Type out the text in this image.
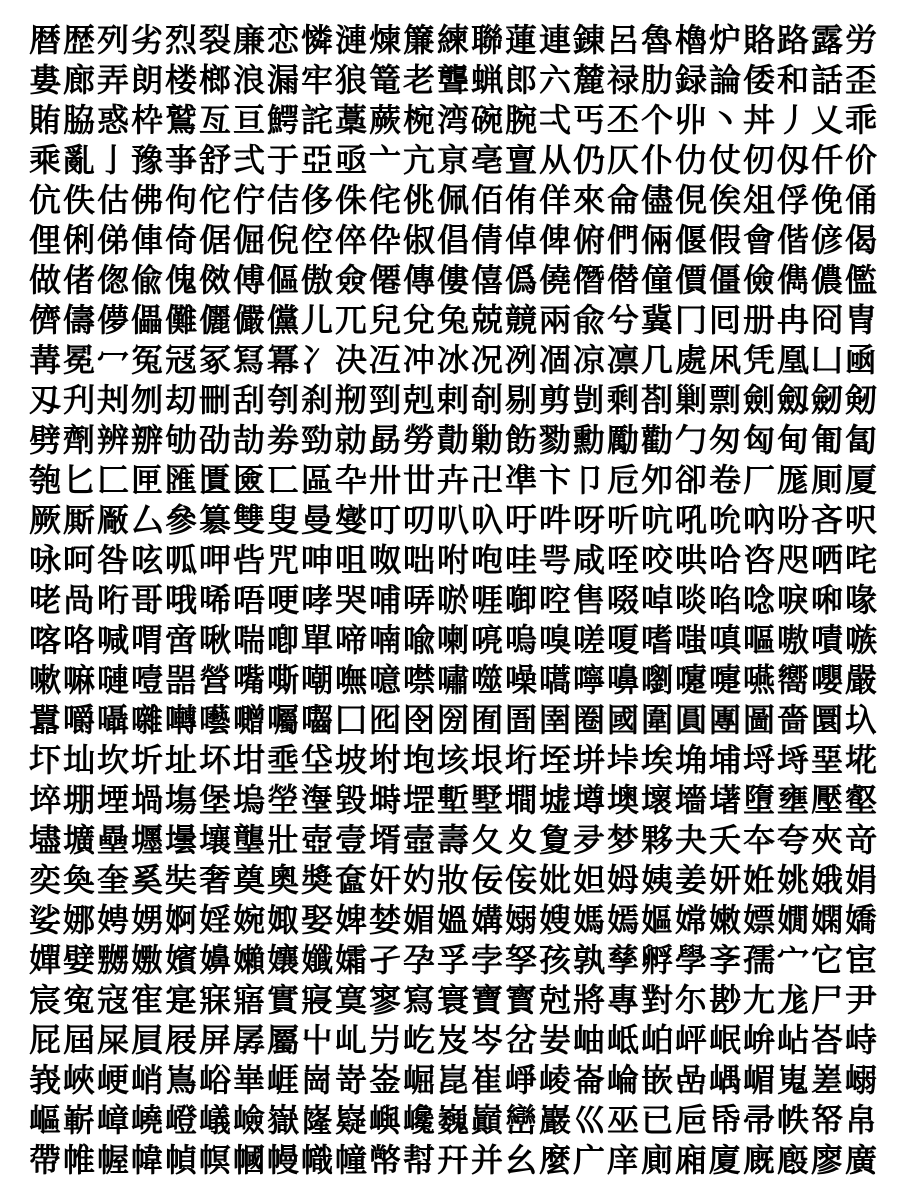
暦 歴 列 劣 烈 裂 廉 恋 憐 漣 煉 簾 練 聯 蓮 連 錬 呂 魯 櫓 炉 賂 路 露 労
婁 廊 弄 朗 楼 榔 浪 漏 牢 狼 篭 老 聾 蝋 郎 六 麓 禄 肋 録 論 倭 和 話 歪
賄 脇 惑 枠 鷲 亙 亘 鰐 詫 藁 蕨 椀 湾 碗 腕 弌 丐 丕 个 丱 丶 丼 丿 乂 乖
乘 亂 亅 豫 亊 舒 弍 于 亞 亟 亠 亢 亰 亳 亶 从 仍 仄 仆 仂 仗 仞 仭 仟 价
伉 佚 估 佛 佝 佗 佇 佶 侈 侏 侘 佻 佩 佰 侑 佯 來 侖 儘 俔 俟 俎 俘 俛 俑
俚 俐 俤 俥 倚 倨 倔 倪 倥 倅 伜 俶 倡 倩 倬 俾 俯 們 倆 偃 假 會 偕 偐 偈
做 偖 偬 偸 傀 傚 傅 傴 傲 僉 僊 傳 僂 僖 僞 僥 僭 僣 僮 價 僵 儉 儁 儂 儖
儕 儔 儚 儡 儺 儷 儼 儻 儿 兀 兒 兌 兔 兢 竸 兩 兪 兮 冀 冂 囘 册 冉 冏 冑
冓 冕 冖 冤 冦 冢 冩 冪 冫 决 冱 冲 冰 况 冽 凅 凉 凛 几 處 凩 凭 凰 凵 凾
刄 刋 刔 刎 刧 刪 刮 刳 刹 剏 剄 剋 剌 剞 剔 剪 剴 剩 剳 剿 剽 劍 劔 劒 剱
劈 劑 辨 辧 劬 劭 劼 劵 勁 勍 勗 勞 勣 勦 飭 勠 勳 勵 勸 勹 匆 匈 甸 匍 匐
匏 匕 匚 匣 匯 匱 匳 匸 區 卆 卅 丗 卉 卍 凖 卞 卩 卮 夘 卻 卷 厂 厖 厠 厦
厥 厮 厰 厶 參 簒 雙 叟 曼 燮 叮 叨 叭 叺 吁 吽 呀 听 吭 吼 吮 吶 吩 吝 呎
咏 呵 咎 呟 呱 呷 呰 咒 呻 咀 呶 咄 咐 咆 哇 咢 咸 咥 咬 哄 哈 咨 咫 哂 咤
咾 咼 哘 哥 哦 唏 唔 哽 哮 哭 哺 哢 唹 啀 啣 啌 售 啜 啅 啖 啗 唸 唳 啝 喙
喀 咯 喊 喟 啻 啾 喘 喞 單 啼 喃 喩 喇 喨 嗚 嗅 嗟 嗄 嗜 嗤 嗔 嘔 嗷 嘖 嗾
嗽 嘛 嗹 噎 噐 營 嘴 嘶 嘲 嘸 噫 噤 嘯 噬 噪 嚆 嚀 嚊 嚠 嚔 嚏 嚥 嚮 嚶 嚴
囂 嚼 囁 囃 囀 囈 囎 囑 囓 囗 囮 囹 圀 囿 圄 圉 圈 國 圍 圓 團 圖 嗇 圜 圦
圷 圸 坎 圻 址 坏 坩 埀 垈 坡 坿 垉 垓 垠 垳 垤 垪 垰 埃 埆 埔 埒 埓 堊 埖
埣 堋 堙 堝 塲 堡 塢 塋 塰 毀 塒 堽 塹 墅 墹 墟 墫 墺 壞 墻 墸 墮 壅 壓 壑
壗 壙 壘 壥 壜 壤 壟 壯 壺 壹 壻 壼 壽 夂 夊 夐 夛 梦 夥 夬 夭 夲 夸 夾 竒
奕 奐 奎 奚 奘 奢 奠 奧 奬 奩 奸 妁 妝 佞 侫 妣 妲 姆 姨 姜 妍 姙 姚 娥 娟
娑 娜 娉 娚 婀 婬 婉 娵 娶 婢 婪 媚 媼 媾 嫋 嫂 媽 嫣 嫗 嫦 嫩 嫖 嫺 嫻 嬌
嬋 嬖 嬲 嫐 嬪 嬶 嬾 孃 孅 孀 孑 孕 孚 孛 孥 孩 孰 孳 孵 學 斈 孺 宀 它 宦
宸 寃 寇 寉 寔 寐 寤 實 寢 寞 寥 寫 寰 寶 寳 尅 將 專 對 尓 尠 尢 尨 尸 尹
屁 屆 屎 屓 屐 屏 孱 屬 屮 乢 屶 屹 岌 岑 岔 妛 岫 岻 岶 岼 岷 峅 岾 峇 峙
峩 峽 峺 峭 嶌 峪 崋 崕 崗 嵜 崟 崛 崑 崔 崢 崚 崙 崘 嵌 嵒 嵎 嵋 嵬 嵳 嵶
嶇 嶄 嶂 嶢 嶝 嶬 嶮 嶽 嶐 嶷 嶼 巉 巍 巓 巒 巖 巛 巫 已 巵 帋 帚 帙 帑 帛
帶 帷 幄 幃 幀 幎 幗 幔 幟 幢 幤 幇 幵 并 幺 麼 广 庠 廁 廂 廈 廐 廏 廖 廣
